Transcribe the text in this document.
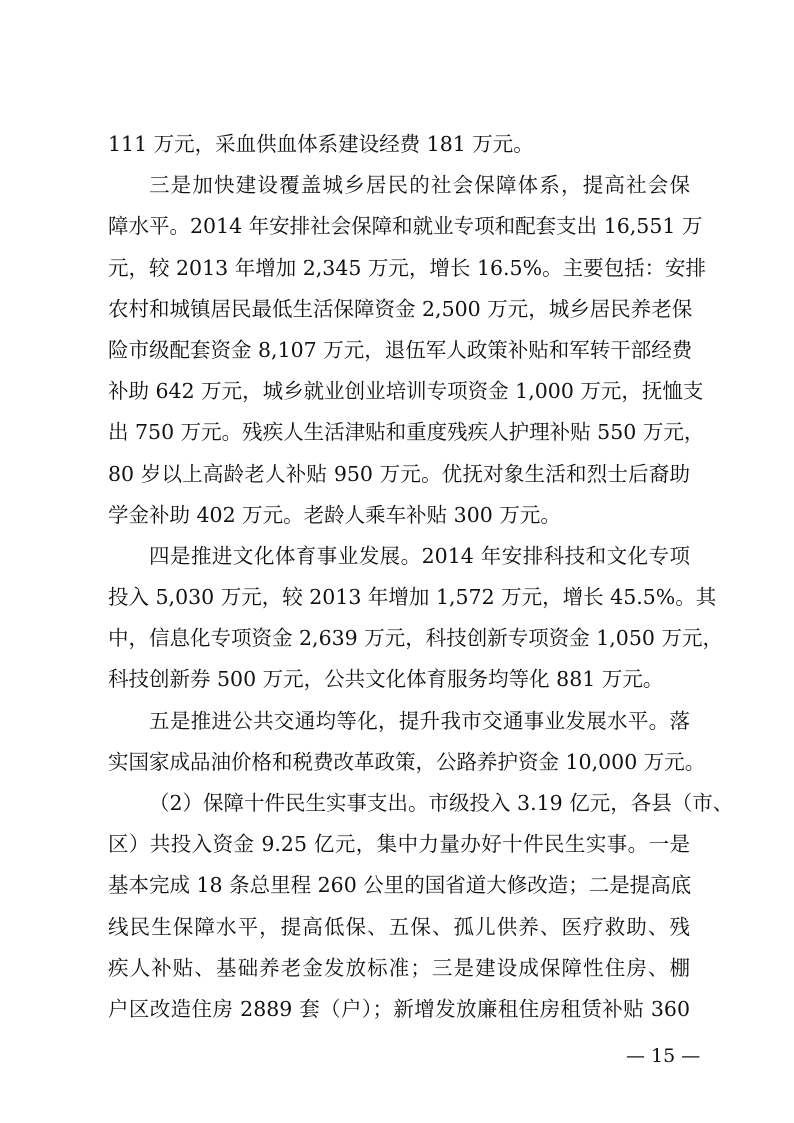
111 万元，采血供血体系建设经费 181 万元。
三是加快建设覆盖城乡居民的社会保障体系，提高社会保
障水平。2014 年安排社会保障和就业专项和配套支出 16,551 万
元，较 2013 年增加 2,345 万元，增长 16.5%。主要包括：安排
农村和城镇居民最低生活保障资金 2,500 万元，城乡居民养老保
险市级配套资金 8,107 万元，退伍军人政策补贴和军转干部经费
补助 642 万元，城乡就业创业培训专项资金 1,000 万元，抚恤支
出 750 万元。残疾人生活津贴和重度残疾人护理补贴 550 万元，
80 岁以上高龄老人补贴 950 万元。优抚对象生活和烈士后裔助
学金补助 402 万元。老龄人乘车补贴 300 万元。
四是推进文化体育事业发展。2014 年安排科技和文化专项
投入 5,030 万元，较 2013 年增加 1,572 万元，增长 45.5%。其
中，信息化专项资金 2,639 万元，科技创新专项资金 1,050 万元，
科技创新券 500 万元，公共文化体育服务均等化 881 万元。
五是推进公共交通均等化，提升我市交通事业发展水平。落
实国家成品油价格和税费改革政策，公路养护资金 10,000 万元。
（2）保障十件民生实事支出。市级投入 3.19 亿元，各县（市、
区）共投入资金 9.25 亿元，集中力量办好十件民生实事。一是
基本完成 18 条总里程 260 公里的国省道大修改造；二是提高底
线民生保障水平，提高低保、五保、孤儿供养、医疗救助、残
疾人补贴、基础养老金发放标准；三是建设成保障性住房、棚
户区改造住房 2889 套（户）；新增发放廉租住房租赁补贴 360
— 15 —
